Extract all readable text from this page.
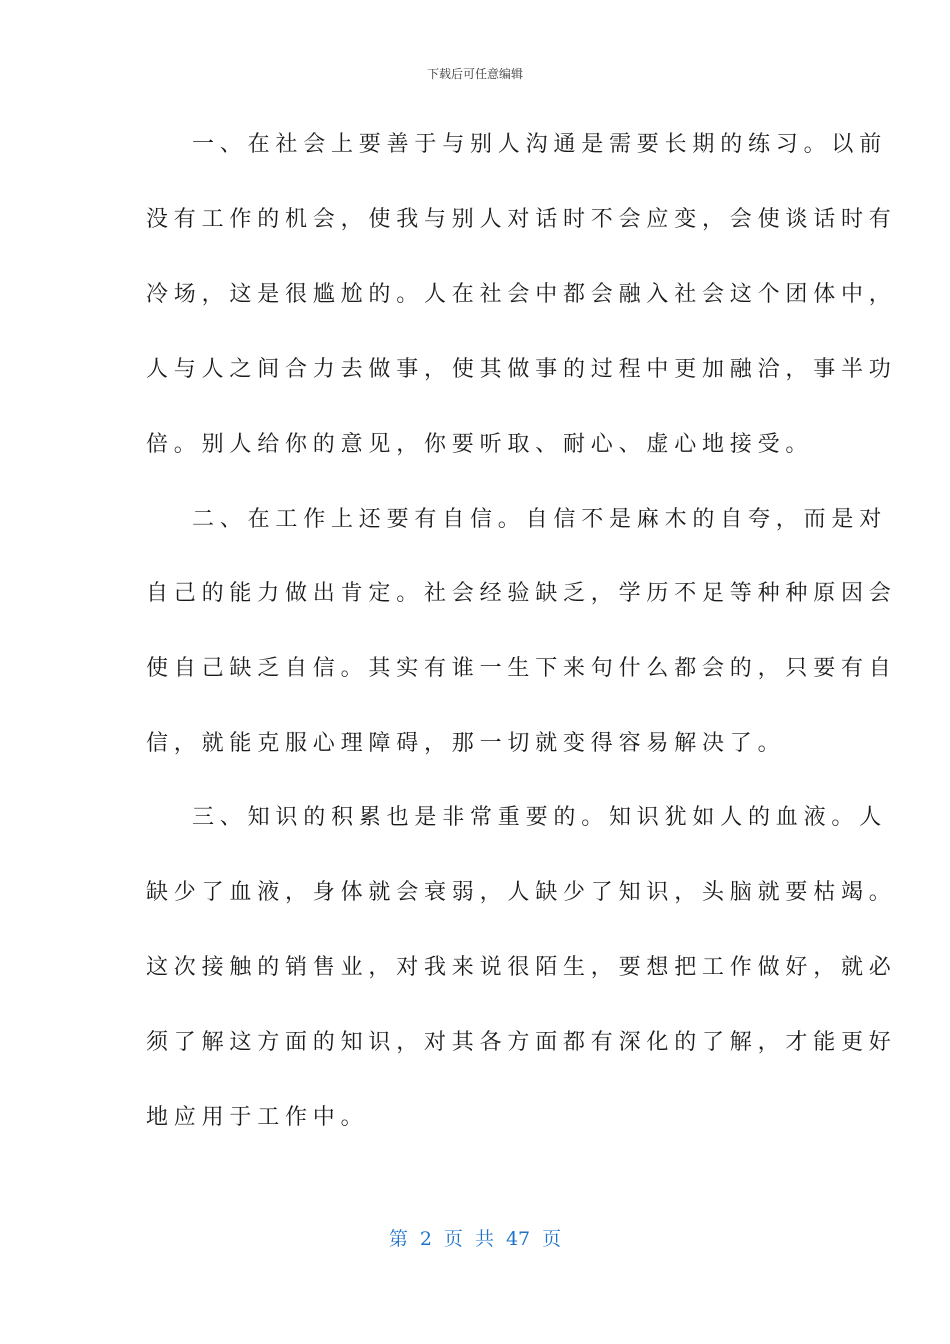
下载后可任意编辑
一、在社会上要善于与别人沟通是需要长期的练习。以前
没有工作的机会，使我与别人对话时不会应变，会使谈话时有
冷场，这是很尴尬的。人在社会中都会融入社会这个团体中，
人与人之间合力去做事，使其做事的过程中更加融洽，事半功
倍。别人给你的意见，你要听取、耐心、虚心地接受。
二、在工作上还要有自信。自信不是麻木的自夸，而是对
自己的能力做出肯定。社会经验缺乏，学历不足等种种原因会
使自己缺乏自信。其实有谁一生下来句什么都会的，只要有自
信，就能克服心理障碍，那一切就变得容易解决了。
三、知识的积累也是非常重要的。知识犹如人的血液。人
缺少了血液，身体就会衰弱，人缺少了知识，头脑就要枯竭。
这次接触的销售业，对我来说很陌生，要想把工作做好，就必
须了解这方面的知识，对其各方面都有深化的了解，才能更好
地应用于工作中。
第 2 页 共 47 页
